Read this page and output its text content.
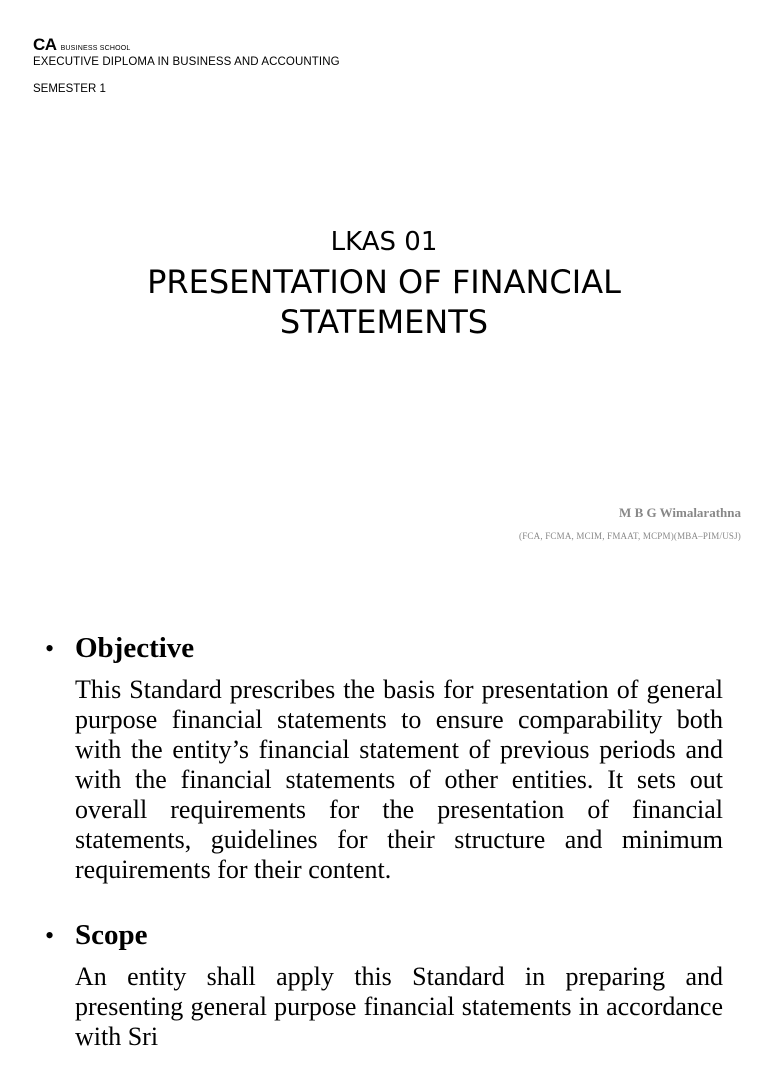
CA BUSINESS SCHOOL
EXECUTIVE DIPLOMA IN BUSINESS AND ACCOUNTING
SEMESTER 1
LKAS 01
PRESENTATION OF FINANCIAL STATEMENTS
M B G Wimalarathna
(FCA, FCMA, MCIM, FMAAT, MCPM)(MBA–PIM/USJ)
• Objective
This Standard prescribes the basis for presentation of general purpose financial statements to ensure comparability both with the entity’s financial statement of previous periods and with the financial statements of other entities. It sets out overall requirements for the presentation of financial statements, guidelines for their structure and minimum requirements for their content.
• Scope
An entity shall apply this Standard in preparing and presenting general purpose financial statements in accordance with Sri
